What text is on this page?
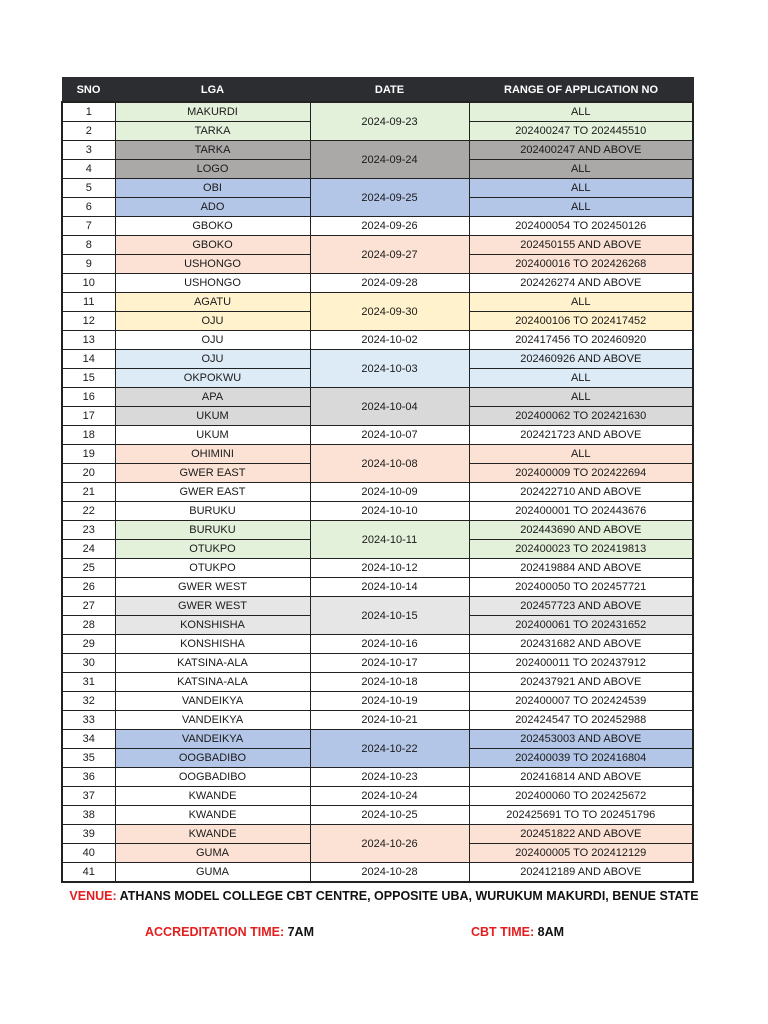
SNO	LGA	DATE	RANGE OF APPLICATION NO
1	MAKURDI	2024-09-23	ALL
2	TARKA		202400247 TO 202445510
3	TARKA	2024-09-24	202400247 AND ABOVE
4	LOGO		ALL
5	OBI	2024-09-25	ALL
6	ADO		ALL
7	GBOKO	2024-09-26	202400054 TO 202450126
8	GBOKO	2024-09-27	202450155 AND ABOVE
9	USHONGO		202400016 TO 202426268
10	USHONGO	2024-09-28	202426274 AND ABOVE
11	AGATU	2024-09-30	ALL
12	OJU		202400106 TO 202417452
13	OJU	2024-10-02	202417456 TO 202460920
14	OJU	2024-10-03	202460926 AND ABOVE
15	OKPOKWU		ALL
16	APA	2024-10-04	ALL
17	UKUM		202400062 TO 202421630
18	UKUM	2024-10-07	202421723 AND ABOVE
19	OHIMINI	2024-10-08	ALL
20	GWER EAST		202400009 TO 202422694
21	GWER EAST	2024-10-09	202422710 AND ABOVE
22	BURUKU	2024-10-10	202400001 TO 202443676
23	BURUKU	2024-10-11	202443690 AND ABOVE
24	OTUKPO		202400023 TO 202419813
25	OTUKPO	2024-10-12	202419884 AND ABOVE
26	GWER WEST	2024-10-14	202400050 TO 202457721
27	GWER WEST	2024-10-15	202457723 AND ABOVE
28	KONSHISHA		202400061 TO 202431652
29	KONSHISHA	2024-10-16	202431682 AND ABOVE
30	KATSINA-ALA	2024-10-17	202400011 TO 202437912
31	KATSINA-ALA	2024-10-18	202437921 AND ABOVE
32	VANDEIKYA	2024-10-19	202400007 TO 202424539
33	VANDEIKYA	2024-10-21	202424547 TO 202452988
34	VANDEIKYA	2024-10-22	202453003 AND ABOVE
35	OOGBADIBO		202400039 TO 202416804
36	OOGBADIBO	2024-10-23	202416814 AND ABOVE
37	KWANDE	2024-10-24	202400060 TO 202425672
38	KWANDE	2024-10-25	202425691 TO TO 202451796
39	KWANDE	2024-10-26	202451822 AND ABOVE
40	GUMA		202400005 TO 202412129
41	GUMA	2024-10-28	202412189 AND ABOVE
VENUE: ATHANS MODEL COLLEGE CBT CENTRE, OPPOSITE UBA, WURUKUM MAKURDI, BENUE STATE
ACCREDITATION TIME: 7AM	CBT TIME: 8AM
